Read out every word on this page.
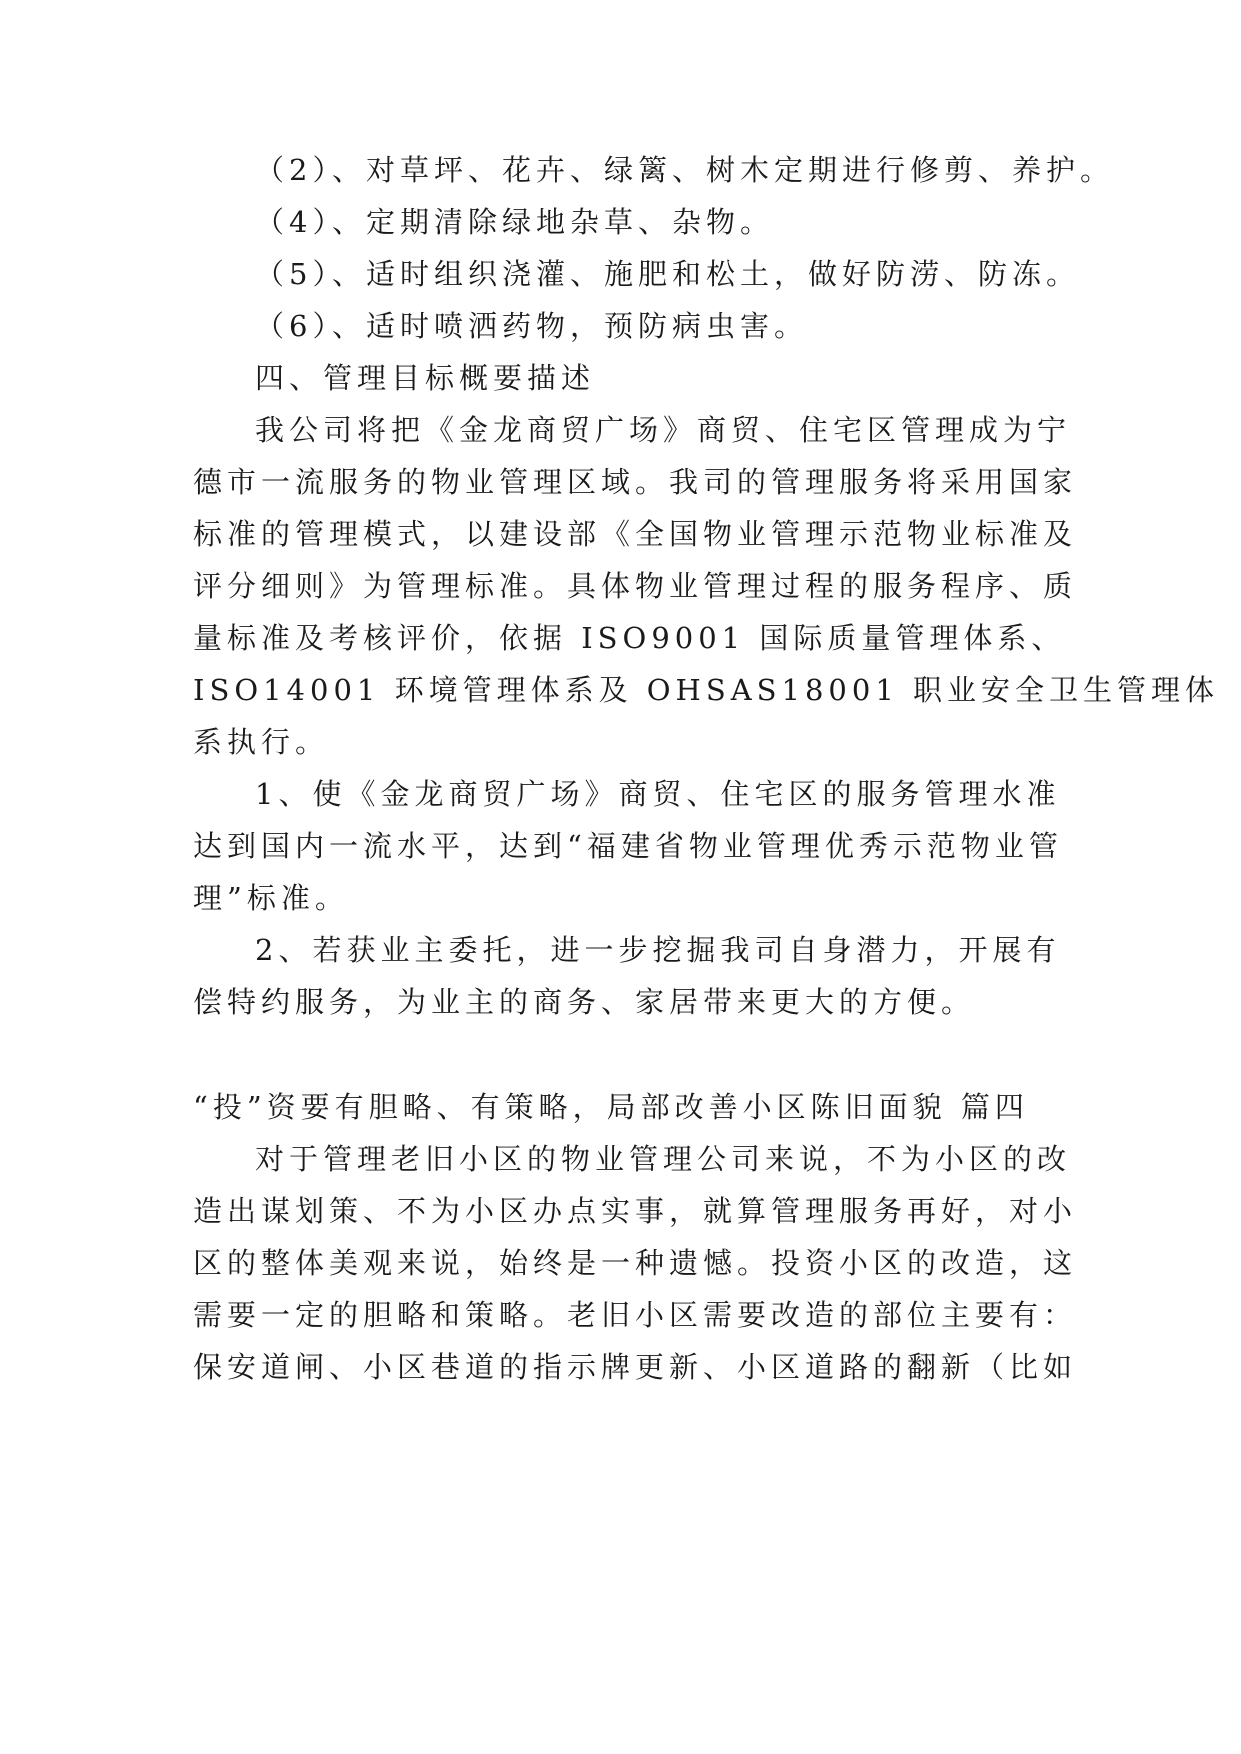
（2）、对草坪、花卉、绿篱、树木定期进行修剪、养护。
（4）、定期清除绿地杂草、杂物。
（5）、适时组织浇灌、施肥和松土，做好防涝、防冻。
（6）、适时喷洒药物，预防病虫害。
四、管理目标概要描述
我公司将把《金龙商贸广场》商贸、住宅区管理成为宁
德市一流服务的物业管理区域。我司的管理服务将采用国家
标准的管理模式，以建设部《全国物业管理示范物业标准及
评分细则》为管理标准。具体物业管理过程的服务程序、质
量标准及考核评价，依据 ISO9001 国际质量管理体系、
ISO14001 环境管理体系及 OHSAS18001 职业安全卫生管理体
系执行。
1、使《金龙商贸广场》商贸、住宅区的服务管理水准
达到国内一流水平，达到“福建省物业管理优秀示范物业管
理”标准。
2、若获业主委托，进一步挖掘我司自身潜力，开展有
偿特约服务，为业主的商务、家居带来更大的方便。
“投”资要有胆略、有策略，局部改善小区陈旧面貌 篇四
对于管理老旧小区的物业管理公司来说，不为小区的改
造出谋划策、不为小区办点实事，就算管理服务再好，对小
区的整体美观来说，始终是一种遗憾。投资小区的改造，这
需要一定的胆略和策略。老旧小区需要改造的部位主要有：
保安道闸、小区巷道的指示牌更新、小区道路的翻新（比如
